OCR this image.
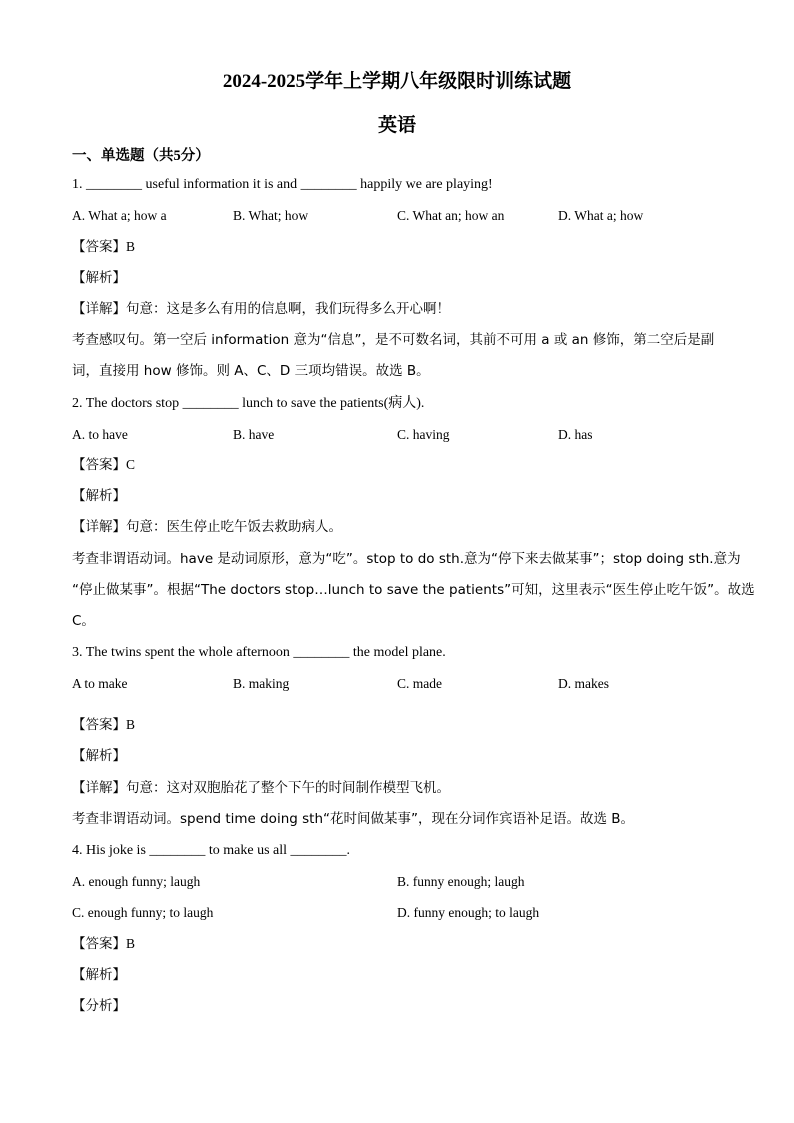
2024-2025学年上学期八年级限时训练试题
英语
一、单选题（共5分）
1. ________ useful information it is and ________ happily we are playing!
A. What a; how a	B. What; how	C. What an; how an	D. What a; how
【答案】B
【解析】
【详解】句意：这是多么有用的信息啊，我们玩得多么开心啊！
考查感叹句。第一空后 information 意为“信息”，是不可数名词，其前不可用 a 或 an 修饰，第二空后是副
词，直接用 how 修饰。则 A、C、D 三项均错误。故选 B。
2. The doctors stop ________ lunch to save the patients(病人).
A. to have	B. have	C. having	D. has
【答案】C
【解析】
【详解】句意：医生停止吃午饭去救助病人。
考查非谓语动词。have 是动词原形，意为“吃”。stop to do sth.意为“停下来去做某事”；stop doing sth.意为
“停止做某事”。根据“The doctors stop…lunch to save the patients”可知，这里表示“医生停止吃午饭”。故选
C。
3. The twins spent the whole afternoon ________ the model plane.
A to make	B. making	C. made	D. makes
【答案】B
【解析】
【详解】句意：这对双胞胎花了整个下午的时间制作模型飞机。
考查非谓语动词。spend time doing sth“花时间做某事”，现在分词作宾语补足语。故选 B。
4. His joke is ________ to make us all ________.
A. enough funny; laugh	B. funny enough; laugh
C. enough funny; to laugh	D. funny enough; to laugh
【答案】B
【解析】
【分析】
